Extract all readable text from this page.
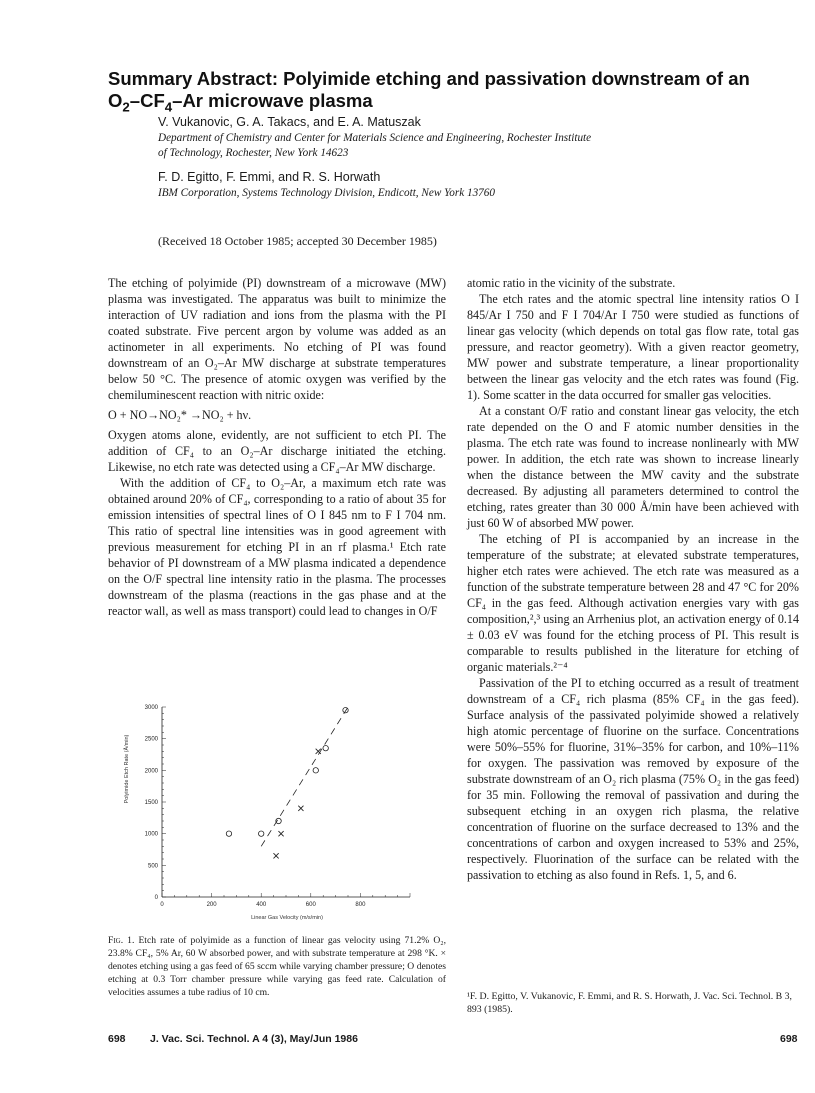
Summary Abstract: Polyimide etching and passivation downstream of an
$O_2-CF_4-Ar$ microwave plasma
V. Vukanovic, G. A. Takacs, and E. A. Matuszak
Department of Chemistry and Center for Materials Science and Engineering, Rochester Institute
of Technology, Rochester, New York 14623
F. D. Egitto, F. Emmi, and R. S. Horwath
IBM Corporation, Systems Technology Division, Endicott, New York 13760
(Received 18 October 1985; accepted 30 December 1985)

The etching of polyimide (PI) downstream of a microwave (MW) plasma was investigated. The apparatus was built to minimize the interaction of UV radiation and ions from the plasma with the PI coated substrate. Five percent argon by volume was added as an actinometer in all experiments. No etching of PI was found downstream of an O₂–Ar MW discharge at substrate temperatures below 50 °C. The presence of atomic oxygen was verified by the chemiluminescent reaction with nitric oxide:

O + NO→NO₂* →NO₂ + hν.

Oxygen atoms alone, evidently, are not sufficient to etch PI. The addition of CF₄ to an O₂–Ar discharge initiated the etching. Likewise, no etch rate was detected using a CF₄–Ar MW discharge.

With the addition of CF₄ to O₂–Ar, a maximum etch rate was obtained around 20% of CF₄, corresponding to a ratio of about 35 for emission intensities of spectral lines of O I 845 nm to F I 704 nm. This ratio of spectral line intensities was in good agreement with previous measurement for etching PI in an rf plasma.¹ Etch rate behavior of PI downstream of a MW plasma indicated a dependence on the O/F spectral line intensity ratio in the plasma. The processes downstream of the plasma (reactions in the gas phase and at the reactor wall, as well as mass transport) could lead to changes in O/F

atomic ratio in the vicinity of the substrate.

The etch rates and the atomic spectral line intensity ratios O I 845/Ar I 750 and F I 704/Ar I 750 were studied as functions of linear gas velocity (which depends on total gas flow rate, total gas pressure, and reactor geometry). With a given reactor geometry, MW power and substrate temperature, a linear proportionality between the linear gas velocity and the etch rates was found (Fig. 1). Some scatter in the data occurred for smaller gas velocities.

At a constant O/F ratio and constant linear gas velocity, the etch rate depended on the O and F atomic number densities in the plasma. The etch rate was found to increase nonlinearly with MW power. In addition, the etch rate was shown to increase linearly when the distance between the MW cavity and the substrate decreased. By adjusting all parameters determined to control the etching, rates greater than 30 000 Å/min have been achieved with just 60 W of absorbed MW power.

The etching of PI is accompanied by an increase in the temperature of the substrate; at elevated substrate temperatures, higher etch rates were achieved. The etch rate was measured as a function of the substrate temperature between 28 and 47 °C for 20% CF₄ in the gas feed. Although activation energies vary with gas composition,²,³ using an Arrhenius plot, an activation energy of 0.14 ± 0.03 eV was found for the etching process of PI. This result is comparable to results published in the literature for etching of organic materials.²⁻⁴

Passivation of the PI to etching occurred as a result of treatment downstream of a CF₄ rich plasma (85% CF₄ in the gas feed). Surface analysis of the passivated polyimide showed a relatively high atomic percentage of fluorine on the surface. Concentrations were 50%–55% for fluorine, 31%–35% for carbon, and 10%–11% for oxygen. The passivation was removed by exposure of the substrate downstream of an O₂ rich plasma (75% O₂ in the gas feed) for 35 min. Following the removal of passivation and during the subsequent etching in an oxygen rich plasma, the relative concentration of fluorine on the surface decreased to 13% and the concentrations of carbon and oxygen increased to 53% and 25%, respectively. Fluorination of the surface can be related with the passivation to etching as also found in Refs. 1, 5, and 6.

0
500
1000
1500
2000
2500
3000
0	200	400	600	800
Polyimide Etch Rate (Å/min)
Linear Gas Velocity (m/s/min)
Fig. 1. Etch rate of polyimide as a function of linear gas velocity using 71.2% O₂, 23.8% CF₄, 5% Ar, 60 W absorbed power, and with substrate temperature at 298 °K. × denotes etching using a gas feed of 65 sccm while varying chamber pressure; O denotes etching at 0.3 Torr chamber pressure while varying gas feed rate. Calculation of velocities assumes a tube radius of 10 cm.	¹F. D. Egitto, V. Vukanovic, F. Emmi, and R. S. Horwath, J. Vac. Sci. Technol. B 3, 893 (1985).
698 J. Vac. Sci. Technol. A 4 (3), May/Jun 1986	698
